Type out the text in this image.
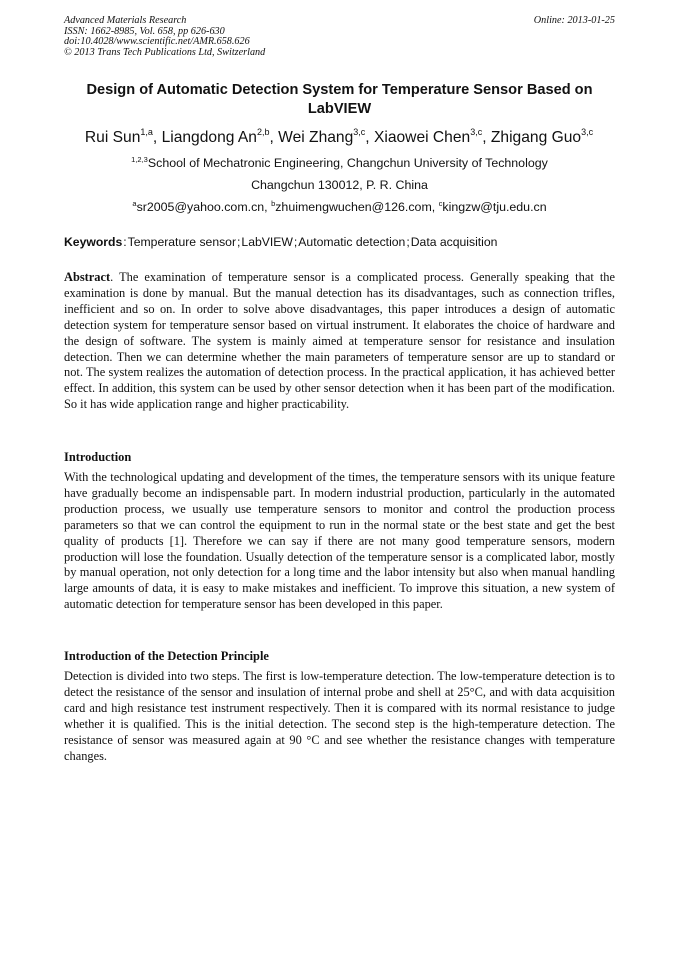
Advanced Materials Research
ISSN: 1662-8985, Vol. 658, pp 626-630
doi:10.4028/www.scientific.net/AMR.658.626
© 2013 Trans Tech Publications Ltd, Switzerland
Online: 2013-01-25
Design of Automatic Detection System for Temperature Sensor Based on LabVIEW
Rui Sun$^{1,a}$, Liangdong An$^{2,b}$, Wei Zhang$^{3,c}$, Xiaowei Chen$^{3,c}$, Zhigang Guo$^{3,c}$
$^{1,2,3}$School of Mechatronic Engineering, Changchun University of Technology
Changchun 130012, P. R. China
$^a$sr2005@yahoo.com.cn, $^b$zhuimengwuchen@126.com, $^c$kingzw@tju.edu.cn
Keywords:Temperature sensor;LabVIEW;Automatic detection;Data acquisition

Abstract. The examination of temperature sensor is a complicated process. Generally speaking that the examination is done by manual. But the manual detection has its disadvantages, such as connection trifles, inefficient and so on. In order to solve above disadvantages, this paper introduces a design of automatic detection system for temperature sensor based on virtual instrument. It elaborates the choice of hardware and the design of software. The system is mainly aimed at temperature sensor for resistance and insulation detection. Then we can determine whether the main parameters of temperature sensor are up to standard or not. The system realizes the automation of detection process. In the practical application, it has achieved better effect. In addition, this system can be used by other sensor detection when it has been part of the modification. So it has wide application range and higher practicability.

Introduction

With the technological updating and development of the times, the temperature sensors with its unique feature have gradually become an indispensable part. In modern industrial production, particularly in the automated production process, we usually use temperature sensors to monitor and control the production process parameters so that we can control the equipment to run in the normal state or the best state and get the best quality of products [1]. Therefore we can say if there are not many good temperature sensors, modern production will lose the foundation. Usually detection of the temperature sensor is a complicated labor, mostly by manual operation, not only detection for a long time and the labor intensity but also when manual handling large amounts of data, it is easy to make mistakes and inefficient. To improve this situation, a new system of automatic detection for temperature sensor has been developed in this paper.

Introduction of the Detection Principle

Detection is divided into two steps. The first is low-temperature detection. The low-temperature detection is to detect the resistance of the sensor and insulation of internal probe and shell at 25°C, and with data acquisition card and high resistance test instrument respectively. Then it is compared with its normal resistance to judge whether it is qualified. This is the initial detection. The second step is the high-temperature detection. The resistance of sensor was measured again at 90 °C and see whether the resistance changes with temperature changes.
